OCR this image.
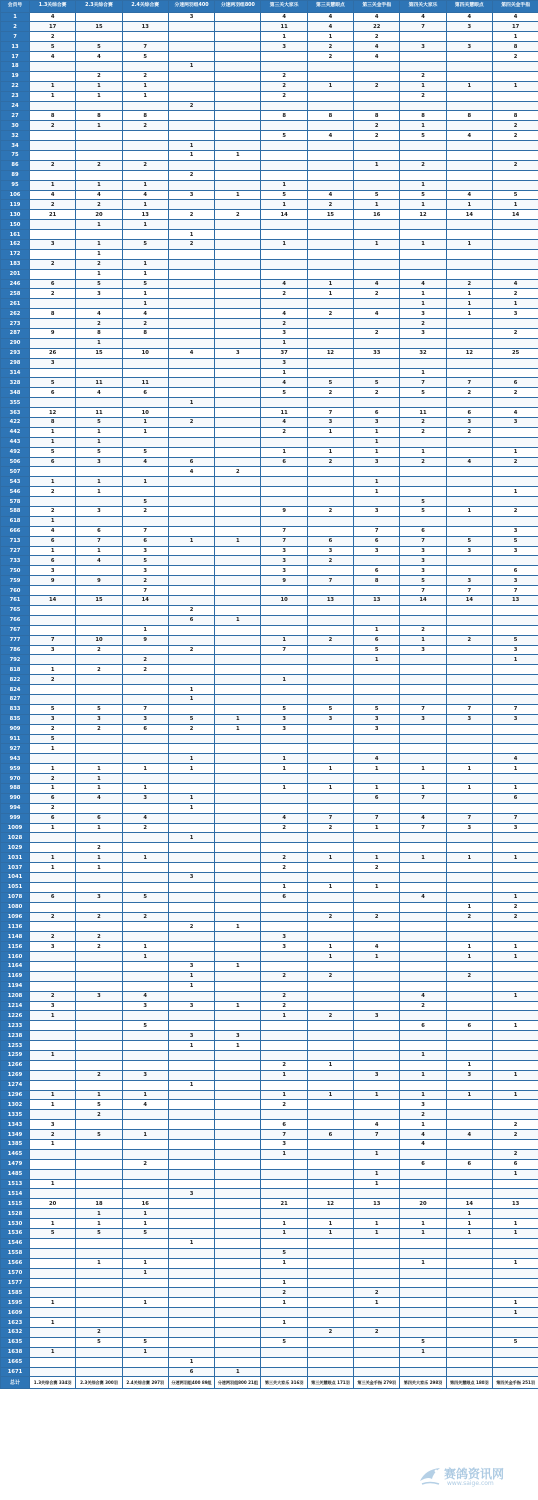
会员号	1.3关综合赛	2.3关综合赛	2.4关综合赛	分速两羽组400	分速两羽组800	第三关大家乐	第三关慧眼点	第三关金手指	第四关大家乐	第四关慧眼点	第四关金手指
1	4			3		4	4	4	4	4	4
2	17	15	13			11	4	22	7	3	17
7	2					1	1	2			1
13	5	5	7			3	2	4	3	3	8
17	4	4	5				2	4			2
18				1							
19		2	2			2			2		
22	1	1	1			2	1	2	1	1	1
23	1	1	1			2			2		
24				2							
27	8	8	8			8	8	8	8	8	8
30	2	1	2					2	1		2
32						5	4	2	5	4	2
34				1							
75				1	1						
86	2	2	2					1	2		2
89				2							
95	1	1	1			1			1		
106	4	4	4	3	1	5	4	5	5	4	5
119	2	2	1			1	2	1	1	1	1
130	21	20	13	2	2	14	15	16	12	14	14
150		1	1								
161				1							
162	3	1	5	2		1		1	1	1	
172		1									
183	2	2	1								
201		1	1								
246	6	5	5			4	1	4	4	2	4
258	2	3	1			2	1	2	1	1	2
261			1						1	1	1
262	8	4	4			4	2	4	3	1	3
273		2	2			2			2		
287	9	8	8			3		2	3		2
290		1				1					
293	26	15	10	4	3	37	12	33	32	12	25
298	3					3					
314						1			1		
328	5	11	11			4	5	5	7	7	6
348	6	4	6			5	2	2	5	2	2
355				1							
363	12	11	10			11	7	6	11	6	4
422	8	5	1	2		4	3	3	2	3	3
442	1	1	1			2	1	1	2	2	
443	1	1						1			
492	5	5	5			1	1	1	1		1
506	6	3	4	6		6	2	3	2	4	2
507				4	2						
543	1	1	1					1			
546	2	1						1			1
578			5						5		
588	2	3	2			9	2	3	5	1	2
618	1										
666	4	6	7			7		7	6		3
713	6	7	6	1	1	7	6	6	7	5	5
727	1	1	3			3	3	3	3	3	3
733	6	4	5			3	2		3		
750	3		3			3		6	3		6
759	9	9	2			9	7	8	5	3	3
760			7						7	7	7
761	14	15	14			10	13	13	14	14	13
765				2							
766				6	1						
767			1					1	2		
777	7	10	9			1	2	6	1	2	5
786	3	2		2		7		5	3		3
792			2					1			1
818	1	2	2								
822	2					1					
824				1							
827				1							
833	5	5	7			5	5	5	7	7	7
835	3	3	3	5	1	3	3	3	3	3	3
909	2	2	6	2	1	3		3			
911	5										
927	1										
943				1		1		4			4
959	1	1	1	1		1	1	1	1	1	1
970	2	1									
988	1	1	1			1	1	1	1	1	1
990	6	4	3	1				6	7		6
994	2			1							
999	6	6	4			4	7	7	4	7	7
1009	1	1	2			2	2	1	7	3	3
1028				1							
1029		2									
1031	1	1	1			2	1	1	1	1	1
1037	1	1				2		2			
1041				3							
1051						1	1	1			
1078	6	3	5			6			4		1
1080										1	2
1096	2	2	2				2	2		2	2
1136				2	1						
1148	2	2				3					
1156	3	2	1			3	1	4		1	1
1160			1				1	1		1	1
1164				3	1						
1169				1		2	2			2	
1194				1							
1208	2	3	4			2			4		1
1214	3		3	3	1	2			2		
1226	1					1	2	3			
1233			5						6	6	1
1238				3	3						
1253				1	1						
1259	1								1		
1266						2	1			1	
1269		2	3			1		3	1	3	1
1274				1							
1296	1	1	1			1	1	1	1	1	1
1302	1	5	4			2			3		
1335		2							2		
1343	3					6		4	1		2
1349	2	5	1			7	6	7	4	4	2
1385	1					3			4		
1465						1		1			2
1479			2						6	6	6
1485								1			1
1513	1							1			
1514				3							
1515	20	18	16			21	12	13	20	14	13
1528		1	1							1	
1530	1	1	1			1	1	1	1	1	1
1536	5	5	5			1	1	1	1	1	1
1546				1							
1558						5					
1566		1	1			1			1		1
1570			1								
1577						1					
1585						2		2			
1595	1		1			1		1			1
1609											1
1623	1					1					
1632		2					2	2			
1635		5	5			5			5		5
1638	1		1						1		
1665				1							
1671				6	1						
总计	1.3关综合赛 334羽	2.3关综合赛 300羽	2.4关综合赛 297羽	分速两羽组400 89组	分速两羽组800 21组	第三关大家乐 316羽	第三关慧眼点 171羽	第三关金手指 279羽	第四关大家乐 298羽	第四关慧眼点 180羽	第四关金手指 251羽
赛鸽资讯网
www.saige.com
